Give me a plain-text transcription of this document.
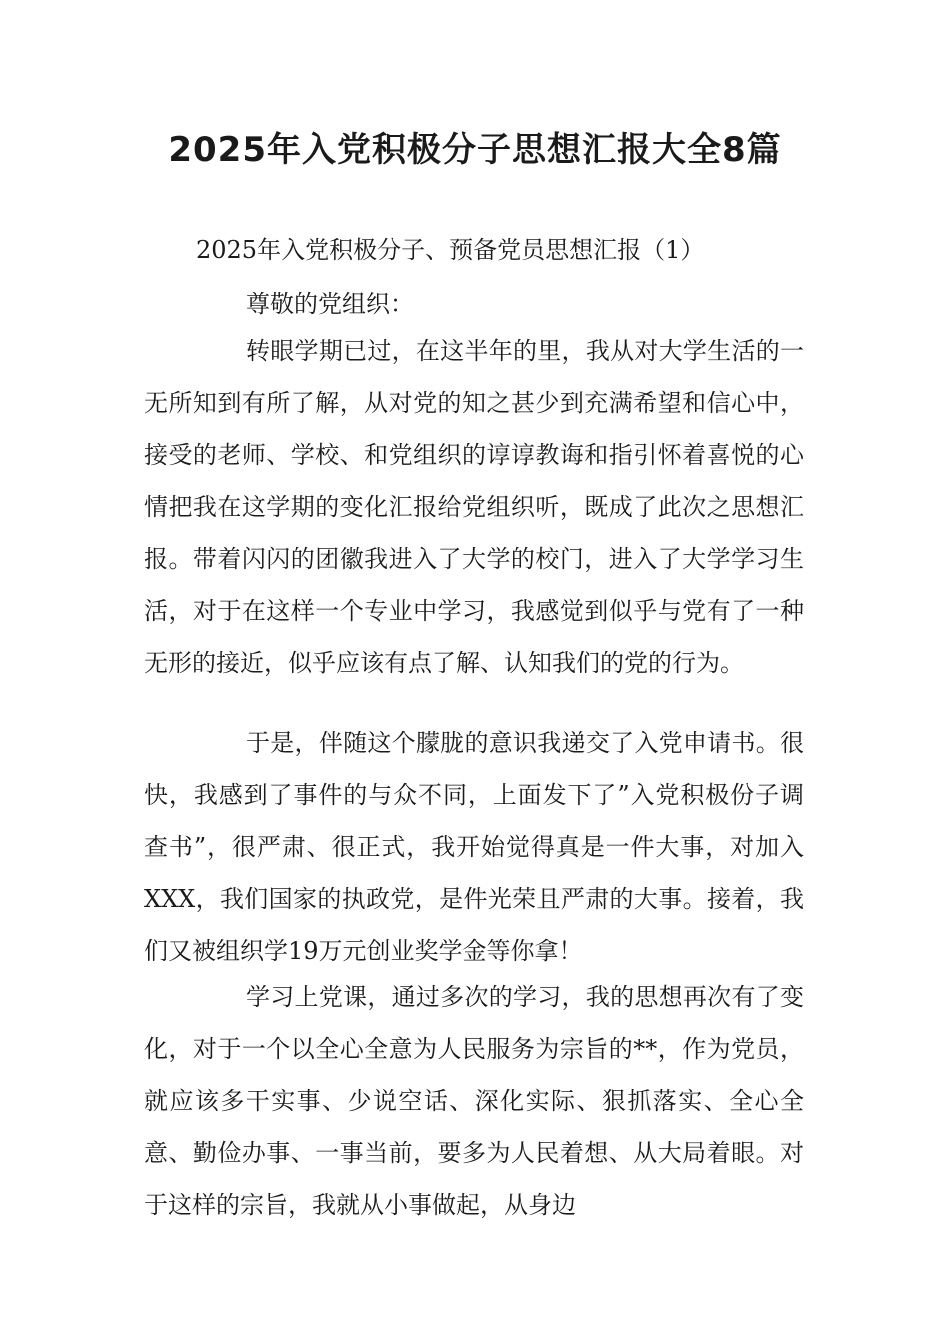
2025年入党积极分子思想汇报大全8篇

2025年入党积极分子、预备党员思想汇报（1）

尊敬的党组织：

转眼学期已过，在这半年的里，我从对大学生活的一无所知到有所了解，从对党的知之甚少到充满希望和信心中，接受的老师、学校、和党组织的谆谆教诲和指引怀着喜悦的心情把我在这学期的变化汇报给党组织听，既成了此次之思想汇报。带着闪闪的团徽我进入了大学的校门，进入了大学学习生活，对于在这样一个专业中学习，我感觉到似乎与党有了一种无形的接近，似乎应该有点了解、认知我们的党的行为。

于是，伴随这个朦胧的意识我递交了入党申请书。很快，我感到了事件的与众不同，上面发下了”入党积极份子调查书”，很严肃、很正式，我开始觉得真是一件大事，对加入XXX，我们国家的执政党，是件光荣且严肃的大事。接着，我们又被组织学19万元创业奖学金等你拿！

学习上党课，通过多次的学习，我的思想再次有了变化，对于一个以全心全意为人民服务为宗旨的**，作为党员，就应该多干实事、少说空话、深化实际、狠抓落实、全心全意、勤俭办事、一事当前，要多为人民着想、从大局着眼。对于这样的宗旨，我就从小事做起，从身边
